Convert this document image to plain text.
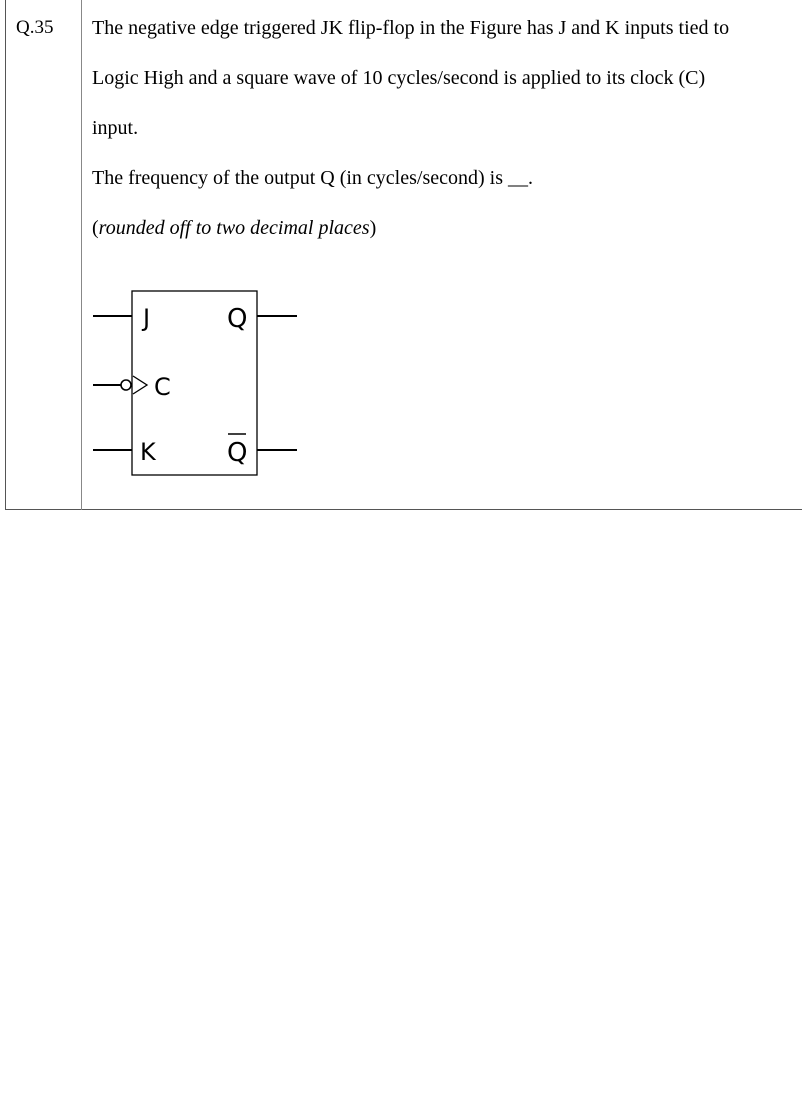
Q.35 The negative edge triggered JK flip-flop in the Figure has J and K inputs tied to
Logic High and a square wave of 10 cycles/second is applied to its clock (C)
input.
The frequency of the output Q (in cycles/second) is __.
(rounded off to two decimal places)
J
C
K
Q
Q
